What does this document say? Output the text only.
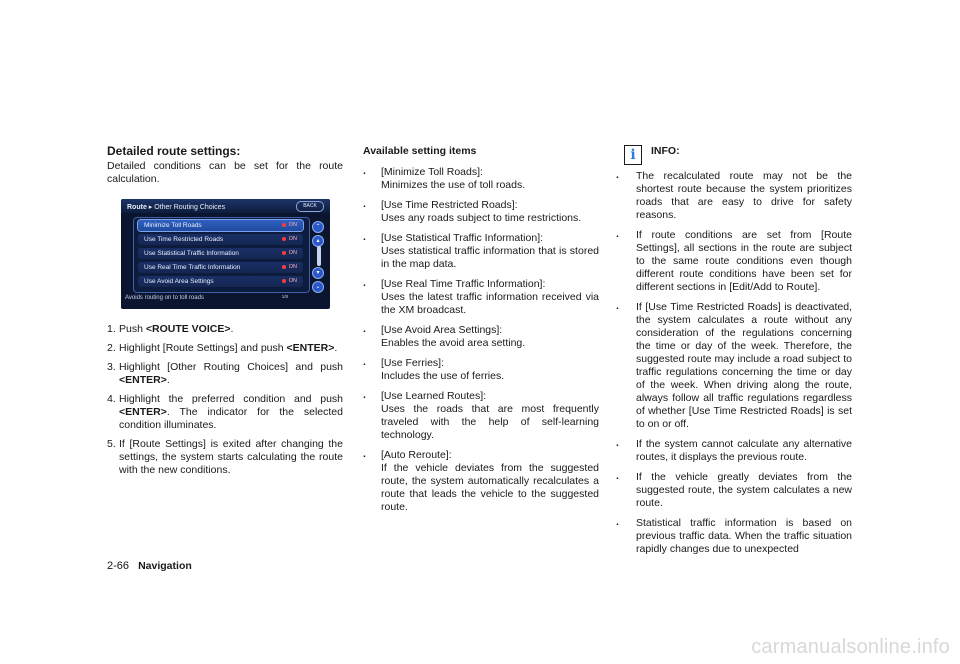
Detailed route settings:

Detailed conditions can be set for the route calculation.

Route ▸ Other Routing Choices	BACK
Minimize Toll Roads	ON
Use Time Restricted Roads	ON
Use Statistical Traffic Information	ON
Use Real Time Traffic Information	ON
Use Avoid Area Settings	ON
⌃
▴
▾
⌄
1/8
Avoids routing on to toll roads
1. Push <ROUTE VOICE>.
2. Highlight [Route Settings] and push <ENTER>.
3. Highlight [Other Routing Choices] and push <ENTER>.
4. Highlight the preferred condition and push <ENTER>. The indicator for the selected condition illuminates.
5. If [Route Settings] is exited after changing the settings, the system starts calculating the route with the new conditions.
Available setting items
. [Minimize Toll Roads]:

Minimizes the use of toll roads.

. [Use Time Restricted Roads]:

Uses any roads subject to time restrictions.

. [Use Statistical Traffic Information]:

Uses statistical traffic information that is stored in the map data.

. [Use Real Time Traffic Information]:

Uses the latest traffic information received via the XM broadcast.

. [Use Avoid Area Settings]:

Enables the avoid area setting.

. [Use Ferries]:

Includes the use of ferries.

. [Use Learned Routes]:

Uses the roads that are most frequently traveled with the help of self-learning technology.

. [Auto Reroute]:

If the vehicle deviates from the suggested route, the system automatically recalculates a route that leads the vehicle to the suggested route.

i	INFO:
. The recalculated route may not be the shortest route because the system prioritizes roads that are easy to drive for safety reasons.
. If route conditions are set from [Route Settings], all sections in the route are subject to the same route conditions even though different route conditions have been set for different sections in [Edit/Add to Route].
. If [Use Time Restricted Roads] is deactivated, the system calculates a route without any consideration of the regulations concerning the time or day of the week. Therefore, the suggested route may include a road subject to traffic regulations concerning the time or day of the week. When driving along the route, always follow all traffic regulations regardless of whether [Use Time Restricted Roads] is set to on or off.
. If the system cannot calculate any alternative routes, it displays the previous route.
. If the vehicle greatly deviates from the suggested route, the system calculates a new route.
. Statistical traffic information is based on previous traffic data. When the traffic situation rapidly changes due to unexpected
2-66 Navigation
carmanualsonline.info
